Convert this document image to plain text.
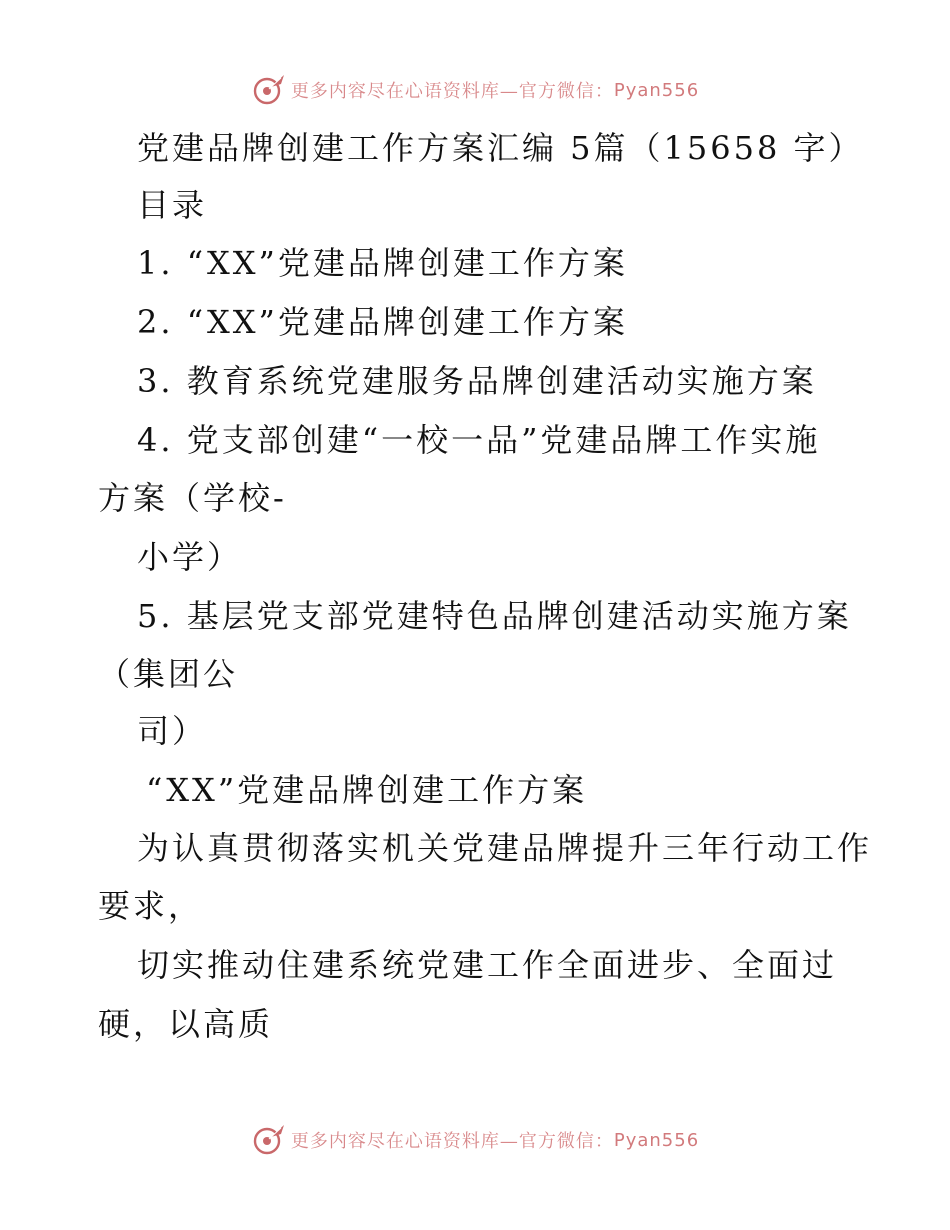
更多内容尽在心语资料库—官方微信： Pyan556
党建品牌创建工作方案汇编 5篇（15658 字）
目录
1. “XX”党建品牌创建工作方案
2. “XX”党建品牌创建工作方案
3. 教育系统党建服务品牌创建活动实施方案
4. 党支部创建“一校一品”党建品牌工作实施
方案（学校-
小学）
5. 基层党支部党建特色品牌创建活动实施方案
（集团公
司）
“XX”党建品牌创建工作方案
为认真贯彻落实机关党建品牌提升三年行动工作
要求，
切实推动住建系统党建工作全面进步、全面过
硬，以高质
更多内容尽在心语资料库—官方微信： Pyan556
